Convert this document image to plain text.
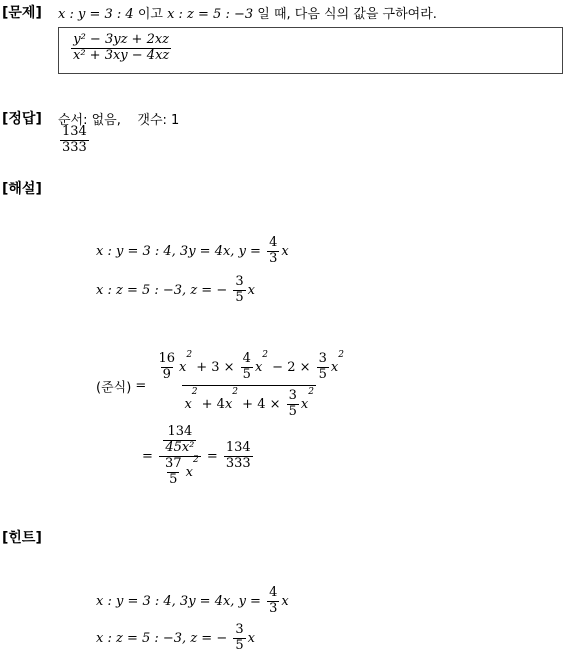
[문제] x : y = 3 : 4 이고 x : z = 5 : −3 일 때, 다음 식의 값을 구하여라.
$\frac{\text{y² − 3yz + 2xz}}{\text{x² + 3xy − 4xz}}$
[정답] 순서: 없음,    갯수: 1
$\frac{134}{333}$
[해설]
x : y = 3 : 4, 3y = 4x, $y = \frac{4}{3}$ x
x : z = 5 : −3, z = − $\frac{3}{5}$ x
(준식) = $\frac{\frac{16}{9} x^2 + 3 \times \frac{4}{5} x^2 - 2 \times \frac{3}{5} x^2}{x^2 + 4x^2 + 4 \times \frac{3}{5} x^2}$
= $\frac{\frac{134}{\text{45x²}}}{\frac{37}{5} x^2} = \frac{134}{333}$
[힌트]
x : y = 3 : 4, 3y = 4x, $y = \frac{4}{3}$ x
x : z = 5 : −3, z = − $\frac{3}{5}$ x
